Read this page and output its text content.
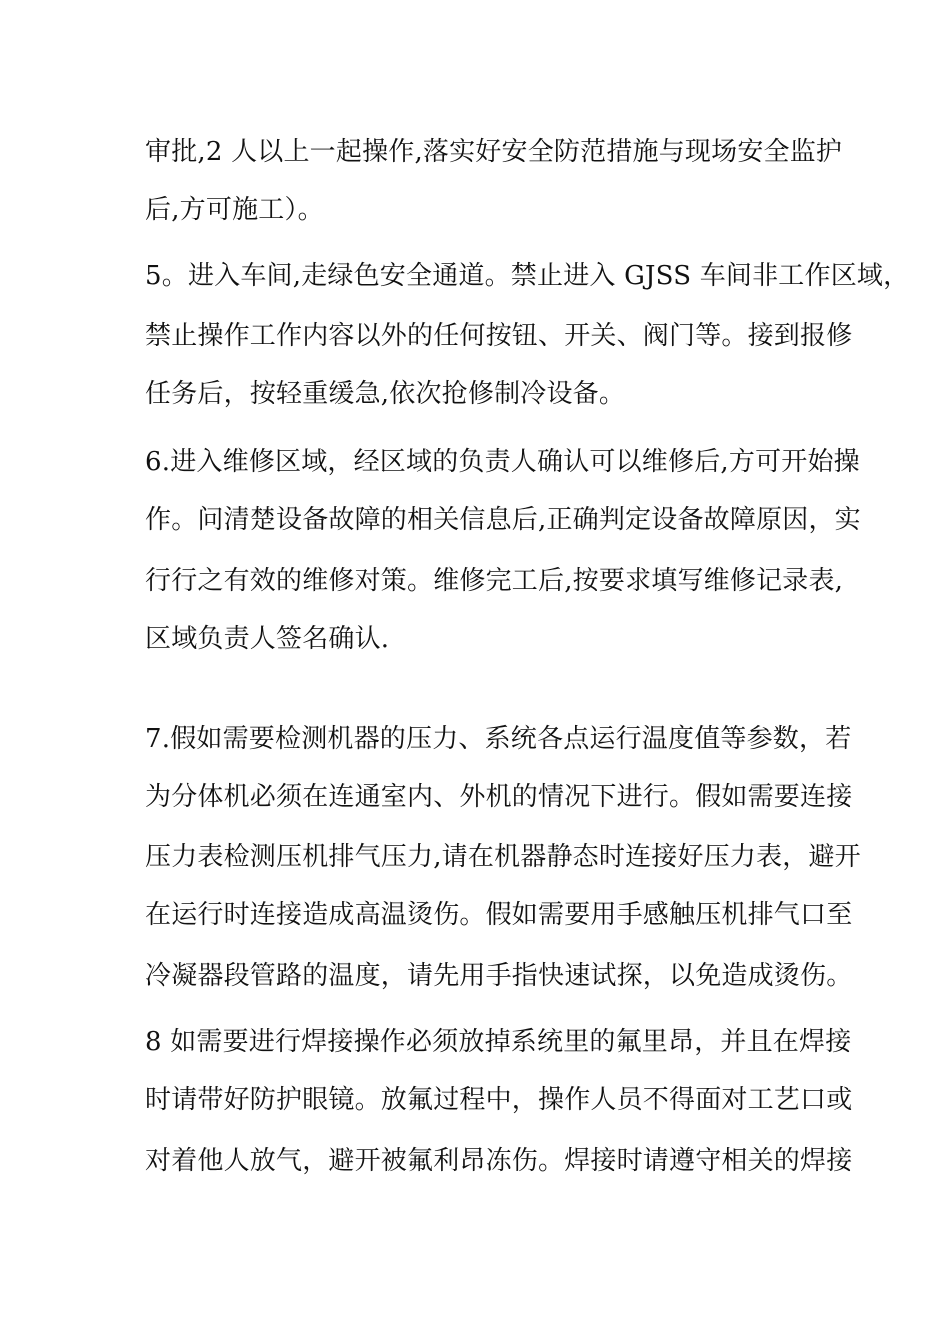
审批,2 人以上一起操作,落实好安全防范措施与现场安全监护
后,方可施工）。
5。进入车间,走绿色安全通道。禁止进入 GJSS 车间非工作区域，
禁止操作工作内容以外的任何按钮、开关、阀门等。接到报修
任务后，按轻重缓急,依次抢修制冷设备。
6.进入维修区域，经区域的负责人确认可以维修后,方可开始操
作。问清楚设备故障的相关信息后,正确判定设备故障原因，实
行行之有效的维修对策。维修完工后,按要求填写维修记录表,
区域负责人签名确认.
7.假如需要检测机器的压力、系统各点运行温度值等参数，若
为分体机必须在连通室内、外机的情况下进行。假如需要连接
压力表检测压机排气压力,请在机器静态时连接好压力表，避开
在运行时连接造成高温烫伤。假如需要用手感触压机排气口至
冷凝器段管路的温度，请先用手指快速试探，以免造成烫伤。
8 如需要进行焊接操作必须放掉系统里的氟里昂，并且在焊接
时请带好防护眼镜。放氟过程中，操作人员不得面对工艺口或
对着他人放气，避开被氟利昂冻伤。焊接时请遵守相关的焊接
